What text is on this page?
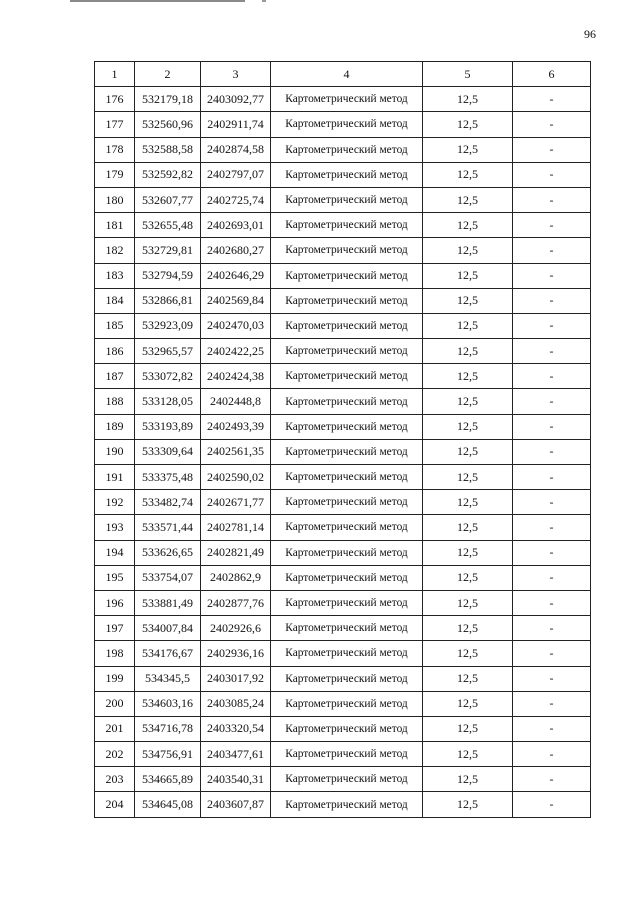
96
1	2	3	4	5	6
176	532179,18	2403092,77	Картометрический метод	12,5	-
177	532560,96	2402911,74	Картометрический метод	12,5	-
178	532588,58	2402874,58	Картометрический метод	12,5	-
179	532592,82	2402797,07	Картометрический метод	12,5	-
180	532607,77	2402725,74	Картометрический метод	12,5	-
181	532655,48	2402693,01	Картометрический метод	12,5	-
182	532729,81	2402680,27	Картометрический метод	12,5	-
183	532794,59	2402646,29	Картометрический метод	12,5	-
184	532866,81	2402569,84	Картометрический метод	12,5	-
185	532923,09	2402470,03	Картометрический метод	12,5	-
186	532965,57	2402422,25	Картометрический метод	12,5	-
187	533072,82	2402424,38	Картометрический метод	12,5	-
188	533128,05	2402448,8	Картометрический метод	12,5	-
189	533193,89	2402493,39	Картометрический метод	12,5	-
190	533309,64	2402561,35	Картометрический метод	12,5	-
191	533375,48	2402590,02	Картометрический метод	12,5	-
192	533482,74	2402671,77	Картометрический метод	12,5	-
193	533571,44	2402781,14	Картометрический метод	12,5	-
194	533626,65	2402821,49	Картометрический метод	12,5	-
195	533754,07	2402862,9	Картометрический метод	12,5	-
196	533881,49	2402877,76	Картометрический метод	12,5	-
197	534007,84	2402926,6	Картометрический метод	12,5	-
198	534176,67	2402936,16	Картометрический метод	12,5	-
199	534345,5	2403017,92	Картометрический метод	12,5	-
200	534603,16	2403085,24	Картометрический метод	12,5	-
201	534716,78	2403320,54	Картометрический метод	12,5	-
202	534756,91	2403477,61	Картометрический метод	12,5	-
203	534665,89	2403540,31	Картометрический метод	12,5	-
204	534645,08	2403607,87	Картометрический метод	12,5	-
